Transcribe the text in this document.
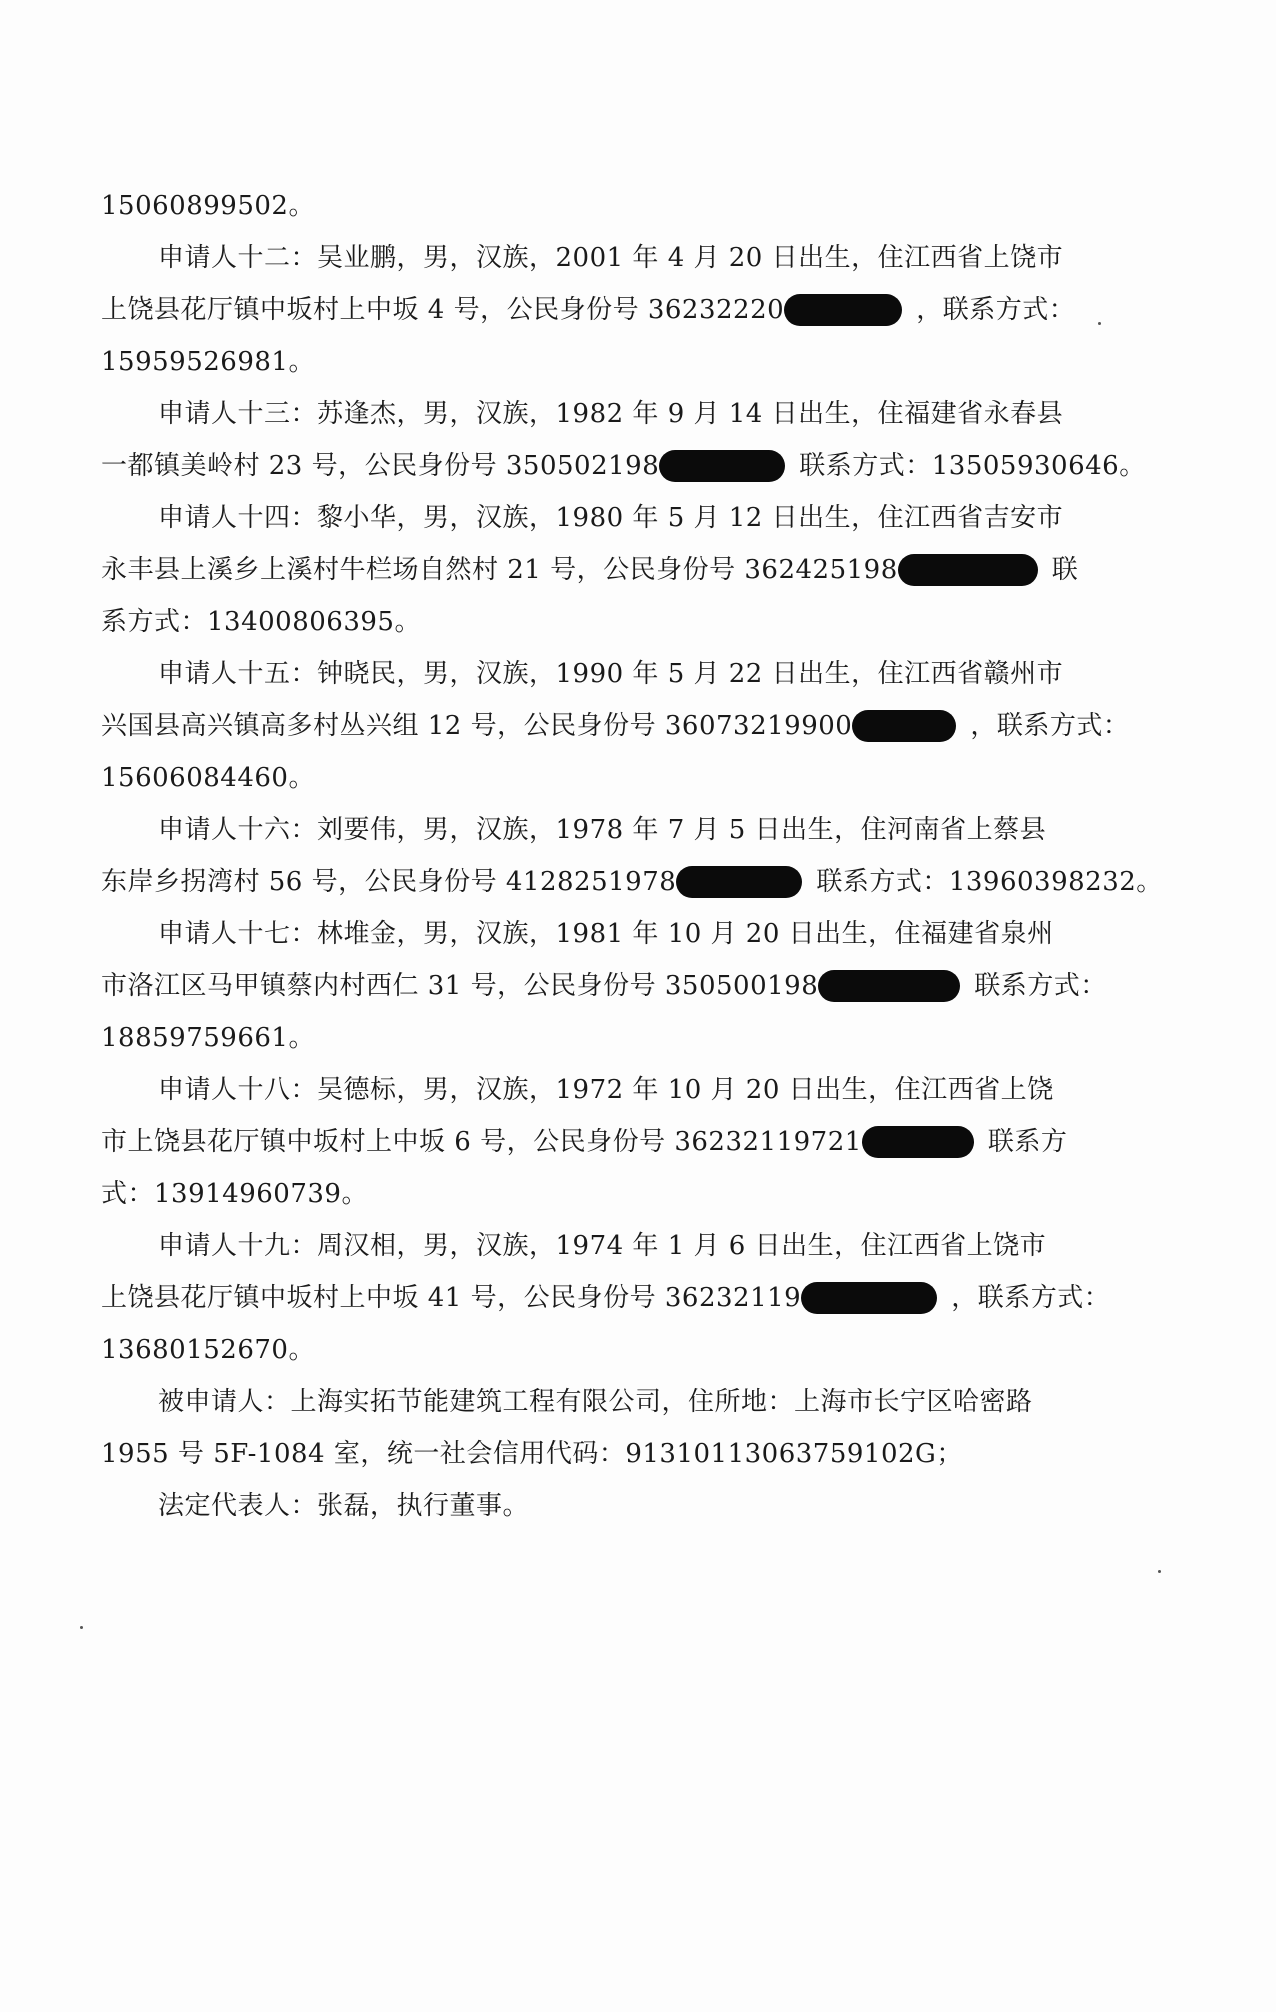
15060899502。
申请人十二：吴业鹏，男，汉族，2001 年 4 月 20 日出生，住江西省上饶市
上饶县花厅镇中坂村上中坂 4 号，公民身份号 36232220	，联系方式：
15959526981。
申请人十三：苏逢杰，男，汉族，1982 年 9 月 14 日出生，住福建省永春县
一都镇美岭村 23 号，公民身份号 350502198	联系方式：13505930646。
申请人十四：黎小华，男，汉族，1980 年 5 月 12 日出生，住江西省吉安市
永丰县上溪乡上溪村牛栏场自然村 21 号，公民身份号 362425198	联
系方式：13400806395。
申请人十五：钟晓民，男，汉族，1990 年 5 月 22 日出生，住江西省赣州市
兴国县高兴镇高多村丛兴组 12 号，公民身份号 36073219900	，联系方式：
15606084460。
申请人十六：刘要伟，男，汉族，1978 年 7 月 5 日出生，住河南省上蔡县
东岸乡拐湾村 56 号，公民身份号 4128251978	联系方式：13960398232。
申请人十七：林堆金，男，汉族，1981 年 10 月 20 日出生，住福建省泉州
市洛江区马甲镇蔡内村西仁 31 号，公民身份号 350500198	联系方式：
18859759661。
申请人十八：吴德标，男，汉族，1972 年 10 月 20 日出生，住江西省上饶
市上饶县花厅镇中坂村上中坂 6 号，公民身份号 36232119721	联系方
式：13914960739。
申请人十九：周汉相，男，汉族，1974 年 1 月 6 日出生，住江西省上饶市
上饶县花厅镇中坂村上中坂 41 号，公民身份号 36232119	，联系方式：
13680152670。
被申请人：上海实拓节能建筑工程有限公司，住所地：上海市长宁区哈密路
1955 号 5F-1084 室，统一社会信用代码：91310113063759102G；
法定代表人：张磊，执行董事。
